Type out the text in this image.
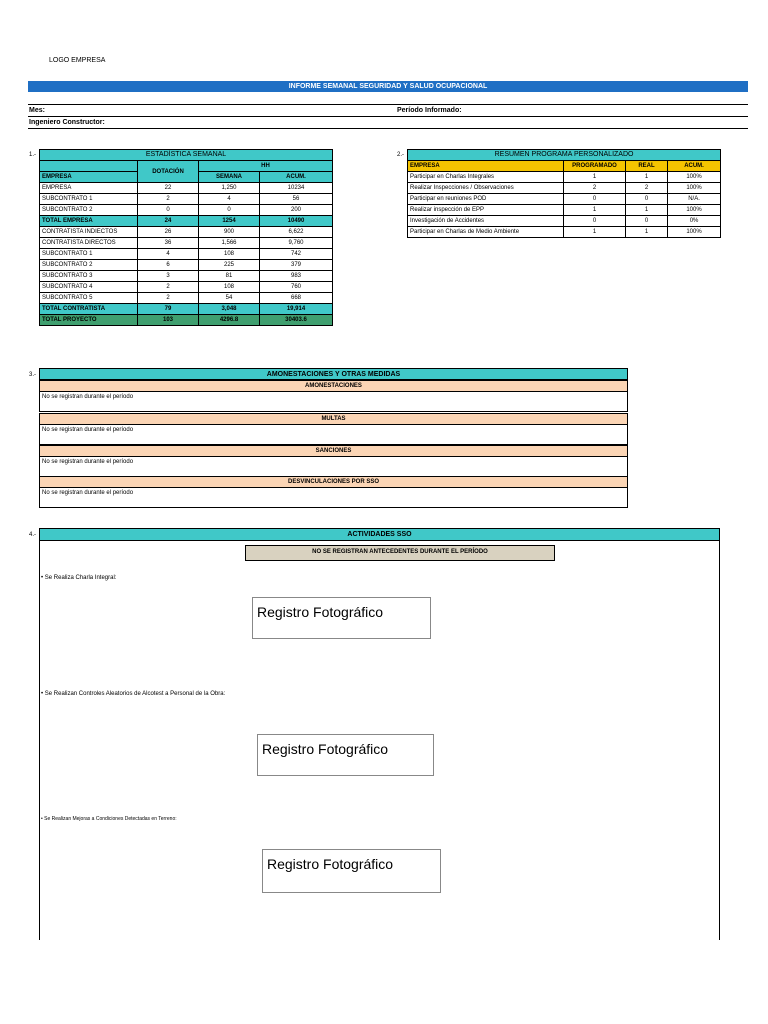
LOGO EMPRESA
INFORME SEMANAL SEGURIDAD Y SALUD OCUPACIONAL
Mes:	Período Informado:
Ingeniero Constructor:
1.-	ESTADÍSTICA SEMANAL			
	DOTACIÓN	HH	
EMPRESA		SEMANA	ACUM.
EMPRESA	22	1,250	10234
SUBCONTRATO 1	2	4	56
SUBCONTRATO 2	0	0	200
TOTAL EMPRESA	24	1254	10490
CONTRATISTA INDIECTOS	26	900	6,622
CONTRATISTA DIRECTOS	36	1,566	9,760
SUBCONTRATO 1	4	108	742
SUBCONTRATO 2	6	225	379
SUBCONTRATO 3	3	81	983
SUBCONTRATO 4	2	108	760
SUBCONTRATO 5	2	54	668
TOTAL CONTRATISTA	79	3,048	19,914
TOTAL PROYECTO	103	4296.8	30403.6
2.-	RESUMEN PROGRAMA PERSONALIZADO			
EMPRESA	PROGRAMADO	REAL	ACUM.
Participar en Charlas Integrales	1	1	100%
Realizar Inspecciones / Observaciones	2	2	100%
Participar en reuniones POD	0	0	N/A.
Realizar inspección de EPP	1	1	100%
Investigación de Accidentes	0	0	0%
Participar en Charlas de Medio Ambiente	1	1	100%
3.-	AMONESTACIONES Y OTRAS MEDIDAS
AMONESTACIONES
No se registran durante el período
MULTAS
No se registran durante el período
SANCIONES
No se registran durante el período
DESVINCULACIONES POR SSO
No se registran durante el período
4.-	ACTIVIDADES SSO
NO SE REGISTRAN ANTECEDENTES DURANTE EL PERÍODO
• Se Realiza Charla Integral:
Registro Fotográfico
• Se Realizan Controles Aleatorios de Alcotest a Personal de la Obra:
Registro Fotográfico
• Se Realizan Mejoras a Condiciones Detectadas en Terreno:
Registro Fotográfico
